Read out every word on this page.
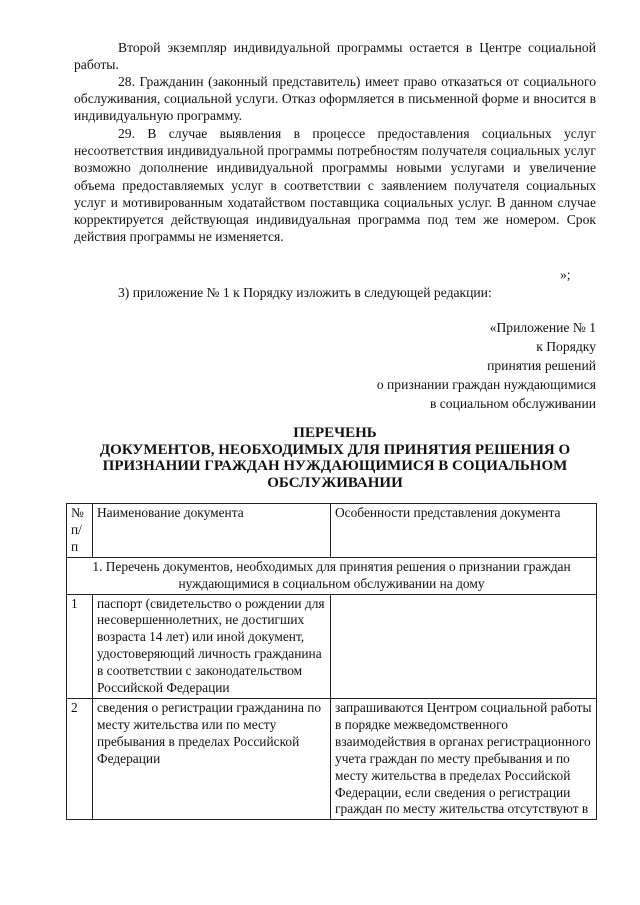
Второй экземпляр индивидуальной программы остается в Центре социальной работы.

28. Гражданин (законный представитель) имеет право отказаться от социального обслуживания, социальной услуги. Отказ оформляется в письменной форме и вносится в индивидуальную программу.

29. В случае выявления в процессе предоставления социальных услуг несоответствия индивидуальной программы потребностям получателя социальных услуг возможно дополнение индивидуальной программы новыми услугами и увеличение объема предоставляемых услуг в соответствии с заявлением получателя социальных услуг и мотивированным ходатайством поставщика социальных услуг. В данном случае корректируется действующая индивидуальная программа под тем же номером. Срок действия программы не изменяется.

»;

3) приложение № 1 к Порядку изложить в следующей редакции:

«Приложение № 1
к Порядку
принятия решений
о признании граждан нуждающимися
в социальном обслуживании
ПЕРЕЧЕНЬ
ДОКУМЕНТОВ, НЕОБХОДИМЫХ ДЛЯ ПРИНЯТИЯ РЕШЕНИЯ О
ПРИЗНАНИИ ГРАЖДАН НУЖДАЮЩИМИСЯ В СОЦИАЛЬНОМ
ОБСЛУЖИВАНИИ
№ п/п	Наименование документа	Особенности представления документа
1. Перечень документов, необходимых для принятия решения о признании граждан нуждающимися в социальном обслуживании на дому		
1	паспорт (свидетельство о рождении для несовершеннолетних, не достигших возраста 14 лет) или иной документ, удостоверяющий личность гражданина в соответствии с законодательством Российской Федерации	
2	сведения о регистрации гражданина по месту жительства или по месту пребывания в пределах Российской Федерации	запрашиваются Центром социальной работы в порядке межведомственного взаимодействия в органах регистрационного учета граждан по месту пребывания и по месту жительства в пределах Российской Федерации, если сведения о регистрации граждан по месту жительства отсутствуют в
